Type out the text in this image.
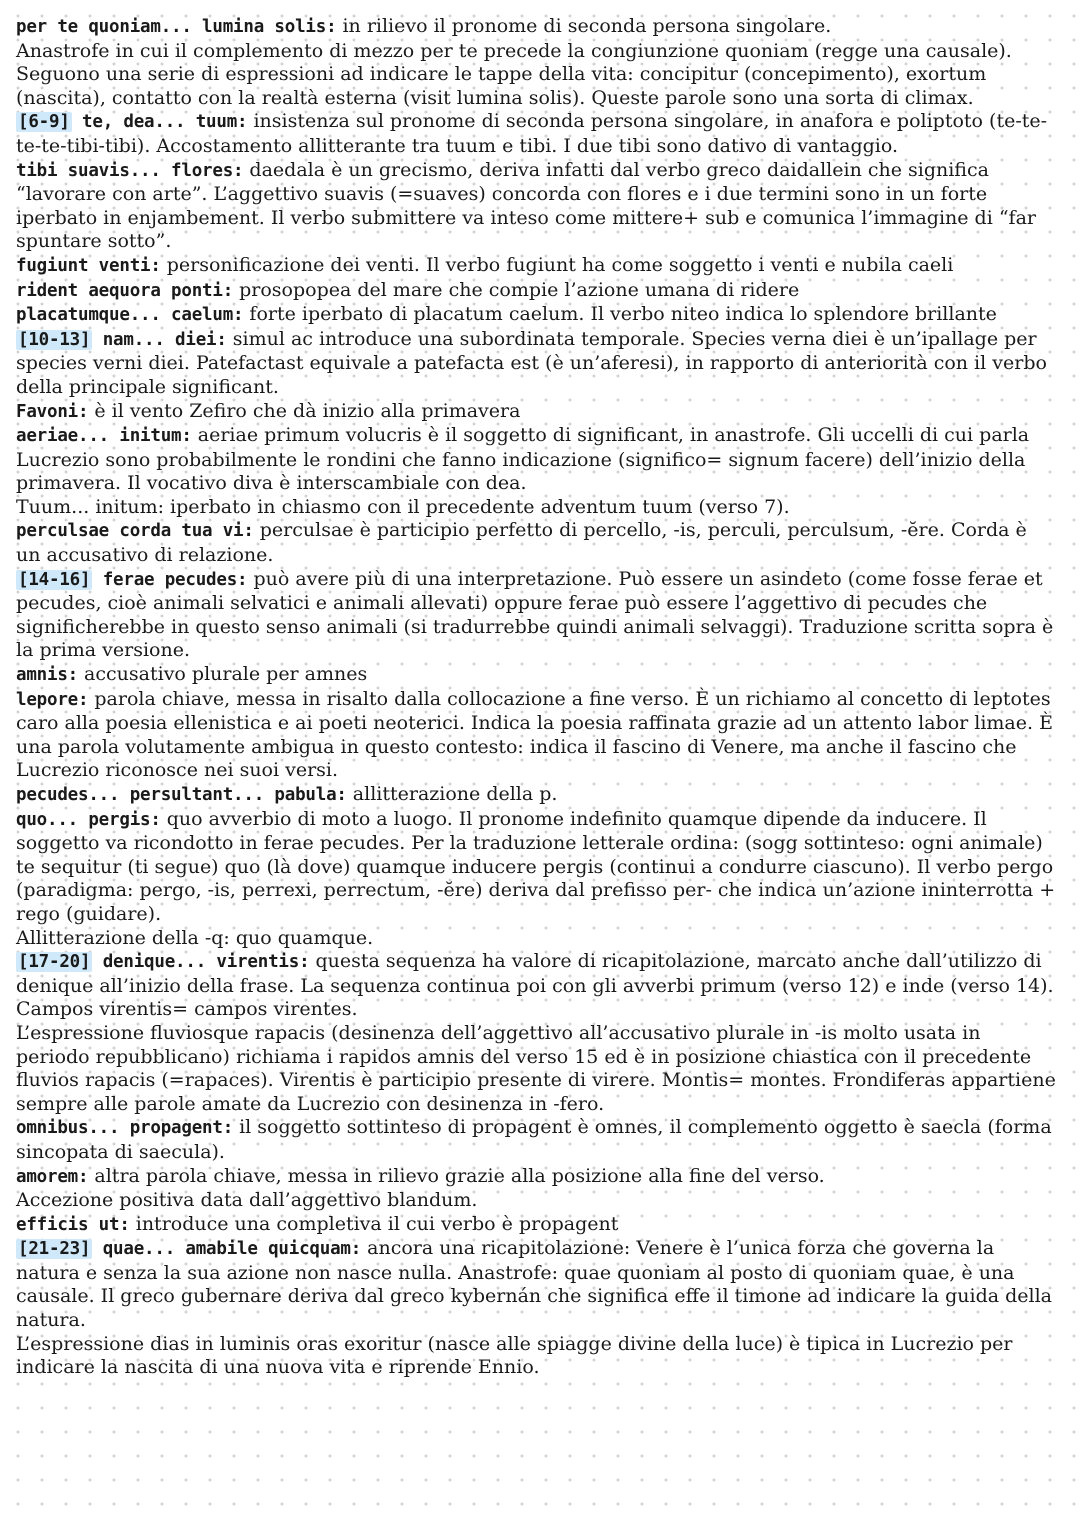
per te quoniam... lumina solis: in rilievo il pronome di seconda persona singolare.
Anastrofe in cui il complemento di mezzo per te precede la congiunzione quoniam (regge una causale). Seguono una serie di espressioni ad indicare le tappe della vita: concipitur (concepimento), exortum (nascita), contatto con la realtà esterna (visit lumina solis). Queste parole sono una sorta di climax.

[6-9] te, dea... tuum: insistenza sul pronome di seconda persona singolare, in anafora e poliptoto (te-te-te-te-tibi-tibi). Accostamento allitterante tra tuum e tibi. I due tibi sono dativo di vantaggio.

tibi suavis... flores: daedala è un grecismo, deriva infatti dal verbo greco daidallein che significa “lavorare con arte”. L’aggettivo suavis (=suaves) concorda con flores e i due termini sono in un forte iperbato in enjambement. Il verbo submittere va inteso come mittere+ sub e comunica l’immagine di “far spuntare sotto”.

fugiunt venti: personificazione dei venti. Il verbo fugiunt ha come soggetto i venti e nubila caeli

rident aequora ponti: prosopopea del mare che compie l’azione umana di ridere

placatumque... caelum: forte iperbato di placatum caelum. Il verbo niteo indica lo splendore brillante

[10-13] nam... diei: simul ac introduce una subordinata temporale. Species verna diei è un’ipallage per species verni diei. Patefactast equivale a patefacta est (è un’aferesi), in rapporto di anteriorità con il verbo della principale significant.

Favoni: è il vento Zefiro che dà inizio alla primavera

aeriae... initum: aeriae primum volucris è il soggetto di significant, in anastrofe. Gli uccelli di cui parla Lucrezio sono probabilmente le rondini che fanno indicazione (significo= signum facere) dell’inizio della primavera. Il vocativo diva è interscambiale con dea.
Tuum... initum: iperbato in chiasmo con il precedente adventum tuum (verso 7).

perculsae corda tua vi: perculsae è participio perfetto di percello, -is, perculi, perculsum, -ĕre. Corda è un accusativo di relazione.

[14-16] ferae pecudes: può avere più di una interpretazione. Può essere un asindeto (come fosse ferae et pecudes, cioè animali selvatici e animali allevati) oppure ferae può essere l’aggettivo di pecudes che significherebbe in questo senso animali (si tradurrebbe quindi animali selvaggi). Traduzione scritta sopra è la prima versione.

amnis: accusativo plurale per amnes

lepore: parola chiave, messa in risalto dalla collocazione a fine verso. È un richiamo al concetto di leptotes caro alla poesia ellenistica e ai poeti neoterici. Indica la poesia raffinata grazie ad un attento labor limae. È una parola volutamente ambigua in questo contesto: indica il fascino di Venere, ma anche il fascino che Lucrezio riconosce nei suoi versi.

pecudes... persultant... pabula: allitterazione della p.

quo... pergis: quo avverbio di moto a luogo. Il pronome indefinito quamque dipende da inducere. Il soggetto va ricondotto in ferae pecudes. Per la traduzione letterale ordina: (sogg sottinteso: ogni animale) te sequitur (ti segue) quo (là dove) quamque inducere pergis (continui a condurre ciascuno). Il verbo pergo (paradigma: pergo, -is, perrexi, perrectum, -ĕre) deriva dal prefisso per- che indica un’azione ininterrotta + rego (guidare).
Allitterazione della -q: quo quamque.

[17-20] denique... virentis: questa sequenza ha valore di ricapitolazione, marcato anche dall’utilizzo di denique all’inizio della frase. La sequenza continua poi con gli avverbi primum (verso 12) e inde (verso 14).
Campos virentis= campos virentes.
L’espressione fluviosque rapacis (desinenza dell’aggettivo all’accusativo plurale in -is molto usata in periodo repubblicano) richiama i rapidos amnis del verso 15 ed è in posizione chiastica con il precedente fluvios rapacis (=rapaces). Virentis è participio presente di virere. Montis= montes. Frondiferas appartiene sempre alle parole amate da Lucrezio con desinenza in -fero.

omnibus... propagent: il soggetto sottinteso di propagent è omnes, il complemento oggetto è saecla (forma sincopata di saecula).

amorem: altra parola chiave, messa in rilievo grazie alla posizione alla fine del verso.
Accezione positiva data dall’aggettivo blandum.

efficis ut: introduce una completiva il cui verbo è propagent

[21-23] quae... amabile quicquam: ancora una ricapitolazione: Venere è l’unica forza che governa la natura e senza la sua azione non nasce nulla. Anastrofe: quae quoniam al posto di quoniam quae, è una causale. Il greco gubernare deriva dal greco kybernán che significa effe il timone ad indicare la guida della natura.
L’espressione dias in luminis oras exoritur (nasce alle spiagge divine della luce) è tipica in Lucrezio per indicare la nascita di una nuova vita e riprende Ennio.
